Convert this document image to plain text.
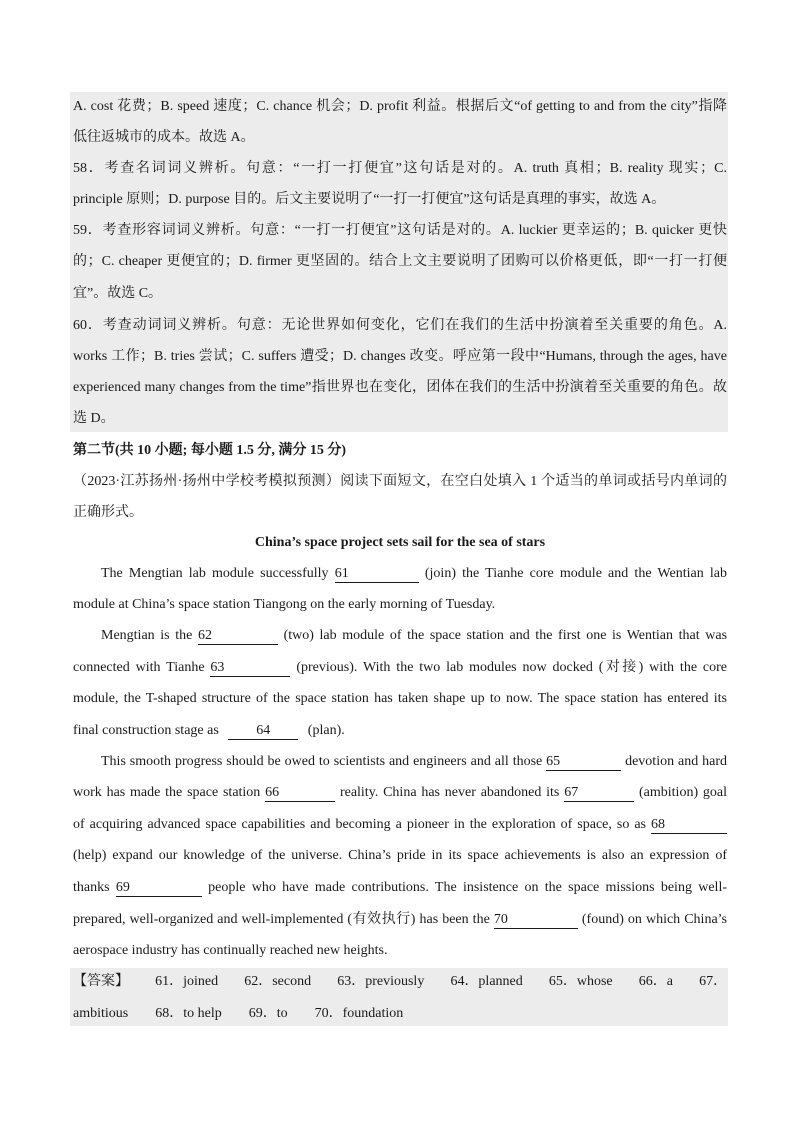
A. cost 花费；B. speed 速度；C. chance 机会；D. profit 利益。根据后文“of getting to and from the city”指降
低往返城市的成本。故选 A。
58．考查名词词义辨析。句意：“一打一打便宜”这句话是对的。A. truth 真相；B. reality 现实；C.
principle 原则；D. purpose 目的。后文主要说明了“一打一打便宜”这句话是真理的事实，故选 A。
59．考查形容词词义辨析。句意：“一打一打便宜”这句话是对的。A. luckier 更幸运的；B. quicker 更快
的；C. cheaper 更便宜的；D. firmer 更坚固的。结合上文主要说明了团购可以价格更低，即“一打一打便
宜”。故选 C。
60．考查动词词义辨析。句意：无论世界如何变化，它们在我们的生活中扮演着至关重要的角色。A.
works 工作；B. tries 尝试；C. suffers 遭受；D. changes 改变。呼应第一段中“Humans, through the ages, have
experienced many changes from the time”指世界也在变化，团体在我们的生活中扮演着至关重要的角色。故
选 D。
第二节(共 10 小题; 每小题 1.5 分, 满分 15 分)
（2023·江苏扬州·扬州中学校考模拟预测）阅读下面短文，在空白处填入 1 个适当的单词或括号内单词的
正确形式。
China’s space project sets sail for the sea of stars
The Mengtian lab module successfully 61	(join) the Tianhe core module and the Wentian lab
module at China’s space station Tiangong on the early morning of Tuesday.
Mengtian is the 62	(two) lab module of the space station and the first one is Wentian that was
connected with Tianhe 63	(previous). With the two lab modules now docked (对接) with the core
module, the T-shaped structure of the space station has taken shape up to now. The space station has entered its
final construction stage as	64	(plan).
This smooth progress should be owed to scientists and engineers and all those 65	devotion and hard
work has made the space station 66	reality. China has never abandoned its 67	(ambition) goal
of acquiring advanced space capabilities and becoming a pioneer in the exploration of space, so as 68
(help) expand our knowledge of the universe. China’s pride in its space achievements is also an expression of
thanks 69	people who have made contributions. The insistence on the space missions being well-
prepared, well-organized and well-implemented (有效执行) has been the 70	(found) on which China’s
aerospace industry has continually reached new heights.
【答案】 61．joined 62．second 63．previously 64．planned 65．whose 66．a 67．
ambitious 68．to help 69．to 70．foundation
